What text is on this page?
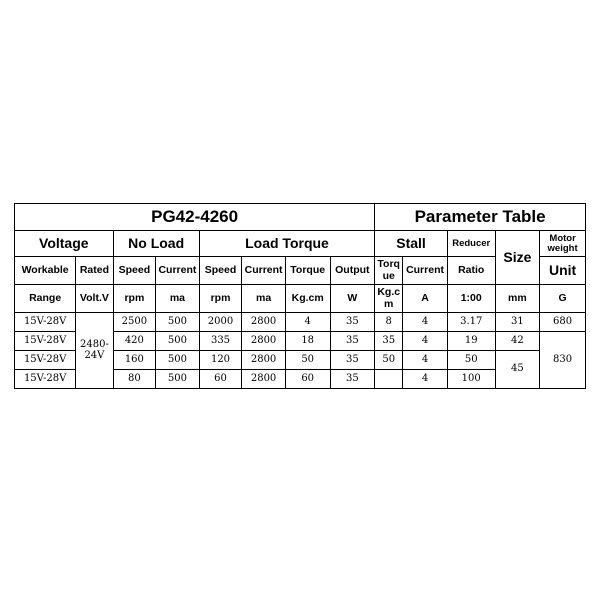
PG42-4260								Parameter Table				
Voltage		No Load		Load Torque				Stall		Reducer	Size	Motor weight
Workable	Rated	Speed	Current	Speed	Current	Torque	Output	Torq ue	Current	Ratio		Unit
Range	Volt.V	rpm	ma	rpm	ma	Kg.cm	W	Kg.c m	A	1:00	mm	G
15V-28V	2480-24V	2500	500	2000	2800	4	35	8	4	3.17	31	680
15V-28V		420	500	335	2800	18	35	35	4	19	42	830
15V-28V		160	500	120	2800	50	35	50	4	50	45	
15V-28V		80	500	60	2800	60	35		4	100		
